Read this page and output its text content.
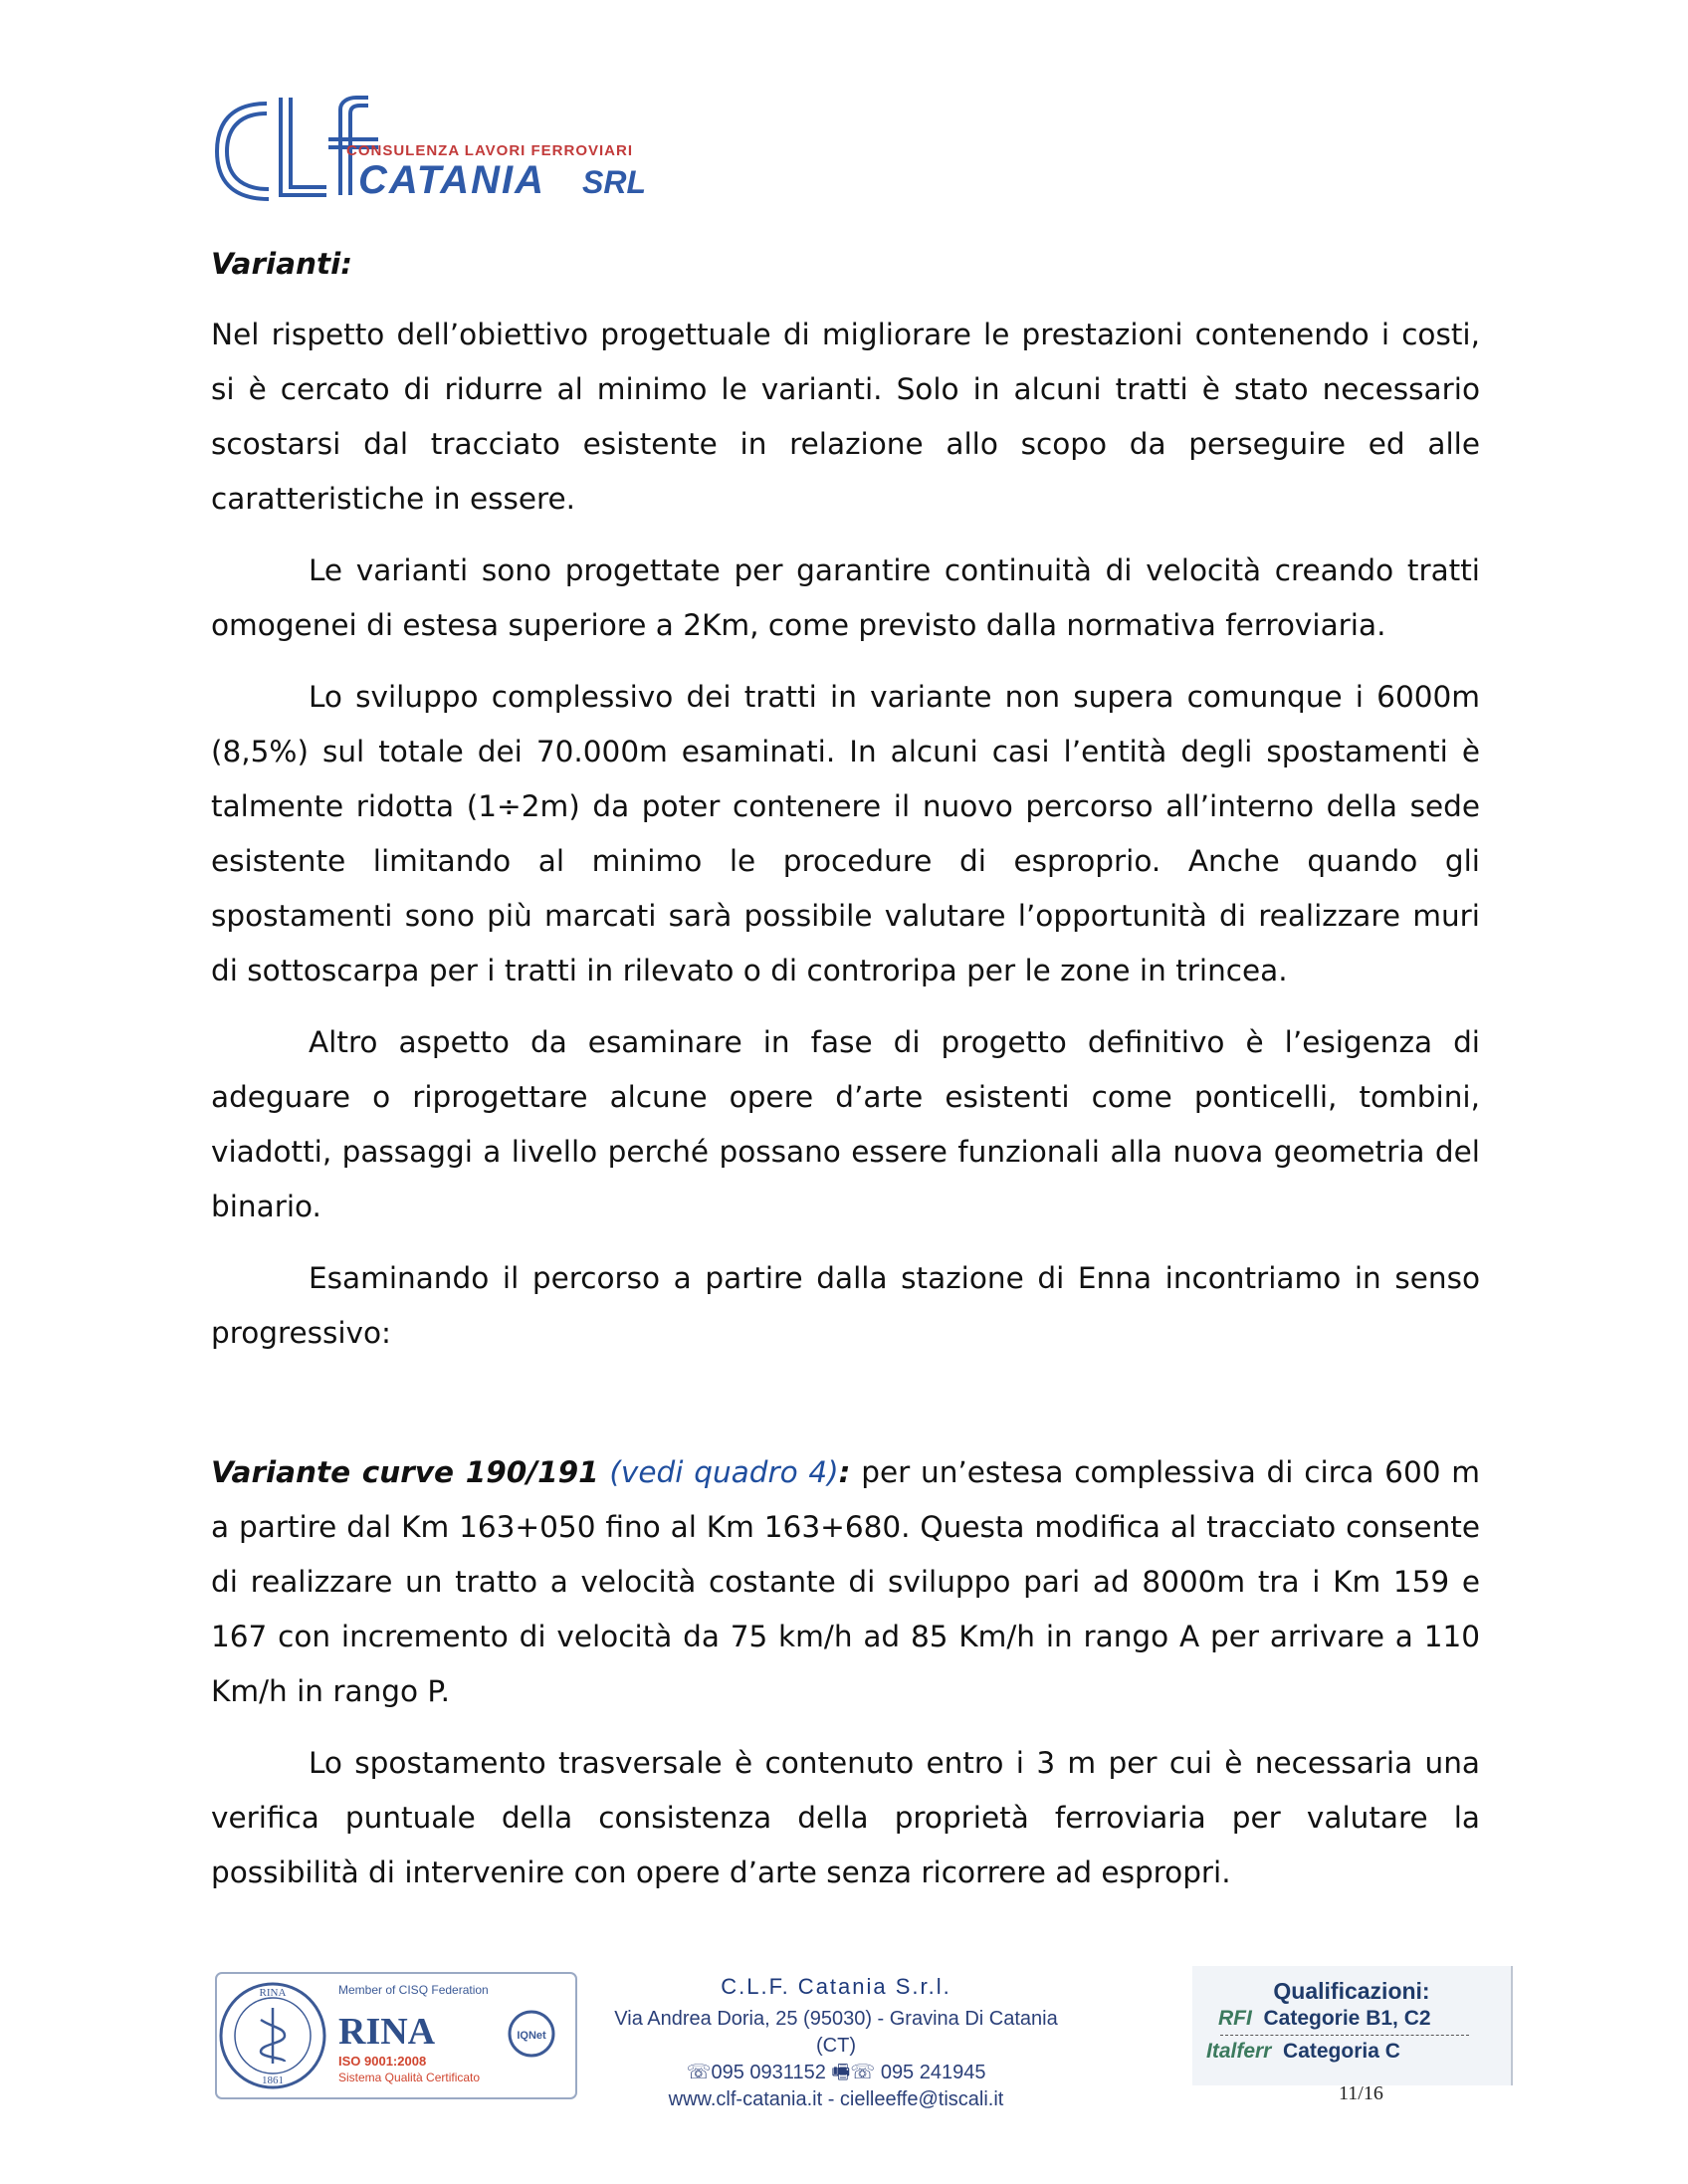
CONSULENZA LAVORI FERROVIARI
CATANIA SRL
Varianti:

Nel rispetto dell’obiettivo progettuale di migliorare le prestazioni contenendo i costi, si è cercato di ridurre al minimo le varianti. Solo in alcuni tratti è stato necessario scostarsi dal tracciato esistente in relazione allo scopo da perseguire ed alle caratteristiche in essere.

Le varianti sono progettate per garantire continuità di velocità creando tratti omogenei di estesa superiore a 2Km, come previsto dalla normativa ferroviaria.

Lo sviluppo complessivo dei tratti in variante non supera comunque i 6000m (8,5%) sul totale dei 70.000m esaminati. In alcuni casi l’entità degli spostamenti è talmente ridotta (1÷2m) da poter contenere il nuovo percorso all’interno della sede esistente limitando al minimo le procedure di esproprio. Anche quando gli spostamenti sono più marcati sarà possibile valutare l’opportunità di realizzare muri di sottoscarpa per i tratti in rilevato o di controripa per le zone in trincea.

Altro aspetto da esaminare in fase di progetto definitivo è l’esigenza di adeguare o riprogettare alcune opere d’arte esistenti come ponticelli, tombini, viadotti, passaggi a livello perché possano essere funzionali alla nuova geometria del binario.

Esaminando il percorso a partire dalla stazione di Enna incontriamo in senso progressivo:

Variante curve 190/191 (vedi quadro 4): per un’estesa complessiva di circa 600 m a partire dal Km 163+050 fino al Km 163+680. Questa modifica al tracciato consente di realizzare un tratto a velocità costante di sviluppo pari ad 8000m tra i Km 159 e 167 con incremento di velocità da 75 km/h ad 85 Km/h in rango A per arrivare a 110 Km/h in rango P.

Lo spostamento trasversale è contenuto entro i 3 m per cui è necessaria una verifica puntuale della consistenza della proprietà ferroviaria per valutare la possibilità di intervenire con opere d’arte senza ricorrere ad espropri.

RINA
1861
Member of CISQ Federation
RINA
ISO 9001:2008
Sistema Qualità Certificato
IQNet
C.L.F. Catania S.r.l.
Via Andrea Doria, 25 (95030) - Gravina Di Catania (CT)
☏095 0931152 🖷☏ 095 241945
www.clf-catania.it - cielleeffe@tiscali.it
Qualificazioni:
RFI Categorie B1, C2
Italferr Categoria C
11/16
